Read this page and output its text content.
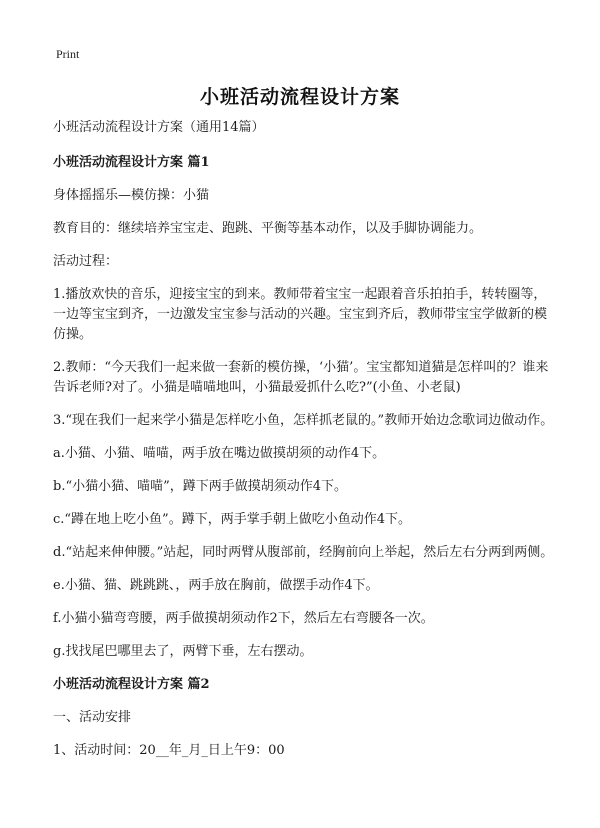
Print
小班活动流程设计方案
小班活动流程设计方案（通用14篇）
小班活动流程设计方案 篇1
身体摇摇乐—模仿操：小猫
教育目的：继续培养宝宝走、跑跳、平衡等基本动作，以及手脚协调能力。
活动过程：
1.播放欢快的音乐，迎接宝宝的到来。教师带着宝宝一起跟着音乐拍拍手，转转圈等，一边等宝宝到齐，一边激发宝宝参与活动的兴趣。宝宝到齐后，教师带宝宝学做新的模仿操。
2.教师：“今天我们一起来做一套新的模仿操，‘小猫’。宝宝都知道猫是怎样叫的？谁来告诉老师?对了。小猫是喵喵地叫，小猫最爱抓什么吃?”(小鱼、小老鼠)
3.“现在我们一起来学小猫是怎样吃小鱼，怎样抓老鼠的。”教师开始边念歌词边做动作。
a.小猫、小猫、喵喵，两手放在嘴边做摸胡须的动作4下。
b.“小猫小猫、喵喵”，蹲下两手做摸胡须动作4下。
c.“蹲在地上吃小鱼”。蹲下，两手掌手朝上做吃小鱼动作4下。
d.“站起来伸伸腰。”站起，同时两臂从腹部前，经胸前向上举起，然后左右分两到两侧。
e.小猫、猫、跳跳跳、，两手放在胸前，做摆手动作4下。
f.小猫小猫弯弯腰，两手做摸胡须动作2下，然后左右弯腰各一次。
g.找找尾巴哪里去了，两臂下垂，左右摆动。
小班活动流程设计方案 篇2
一、活动安排
1、活动时间：20__年_月_日上午9：00
